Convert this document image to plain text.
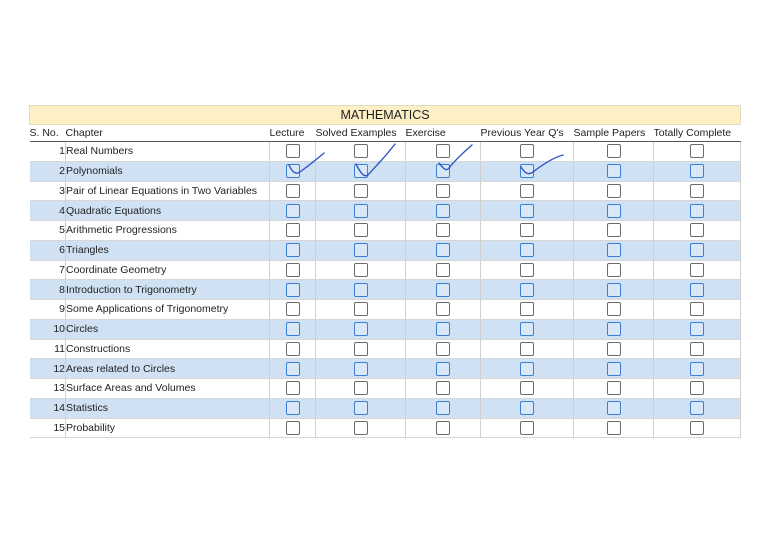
MATHEMATICS							
S. No.	Chapter	Lecture	Solved Examples	Exercise	Previous Year Q's	Sample Papers	Totally Complete
1	Real Numbers						
2	Polynomials						
3	Pair of Linear Equations in Two Variables						
4	Quadratic Equations						
5	Arithmetic Progressions						
6	Triangles						
7	Coordinate Geometry						
8	Introduction to Trigonometry						
9	Some Applications of Trigonometry						
10	Circles						
11	Constructions						
12	Areas related to Circles						
13	Surface Areas and Volumes						
14	Statistics						
15	Probability						
